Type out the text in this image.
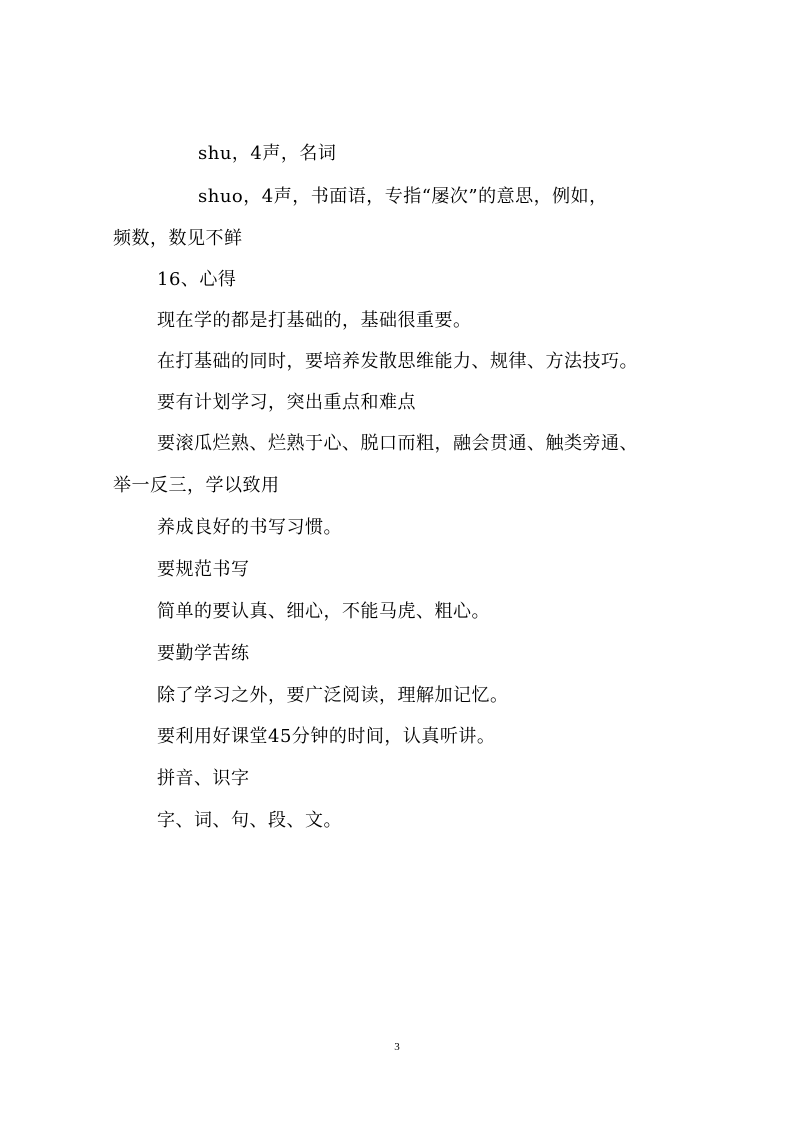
shu，4声，名词
shuo，4声，书面语，专指“屡次”的意思，例如，
频数，数见不鲜
16、心得
现在学的都是打基础的，基础很重要。
在打基础的同时，要培养发散思维能力、规律、方法技巧。
要有计划学习，突出重点和难点
要滚瓜烂熟、烂熟于心、脱口而粗，融会贯通、触类旁通、
举一反三，学以致用
养成良好的书写习惯。
要规范书写
简单的要认真、细心，不能马虎、粗心。
要勤学苦练
除了学习之外，要广泛阅读，理解加记忆。
要利用好课堂45分钟的时间，认真听讲。
拼音、识字
字、词、句、段、文。
3
